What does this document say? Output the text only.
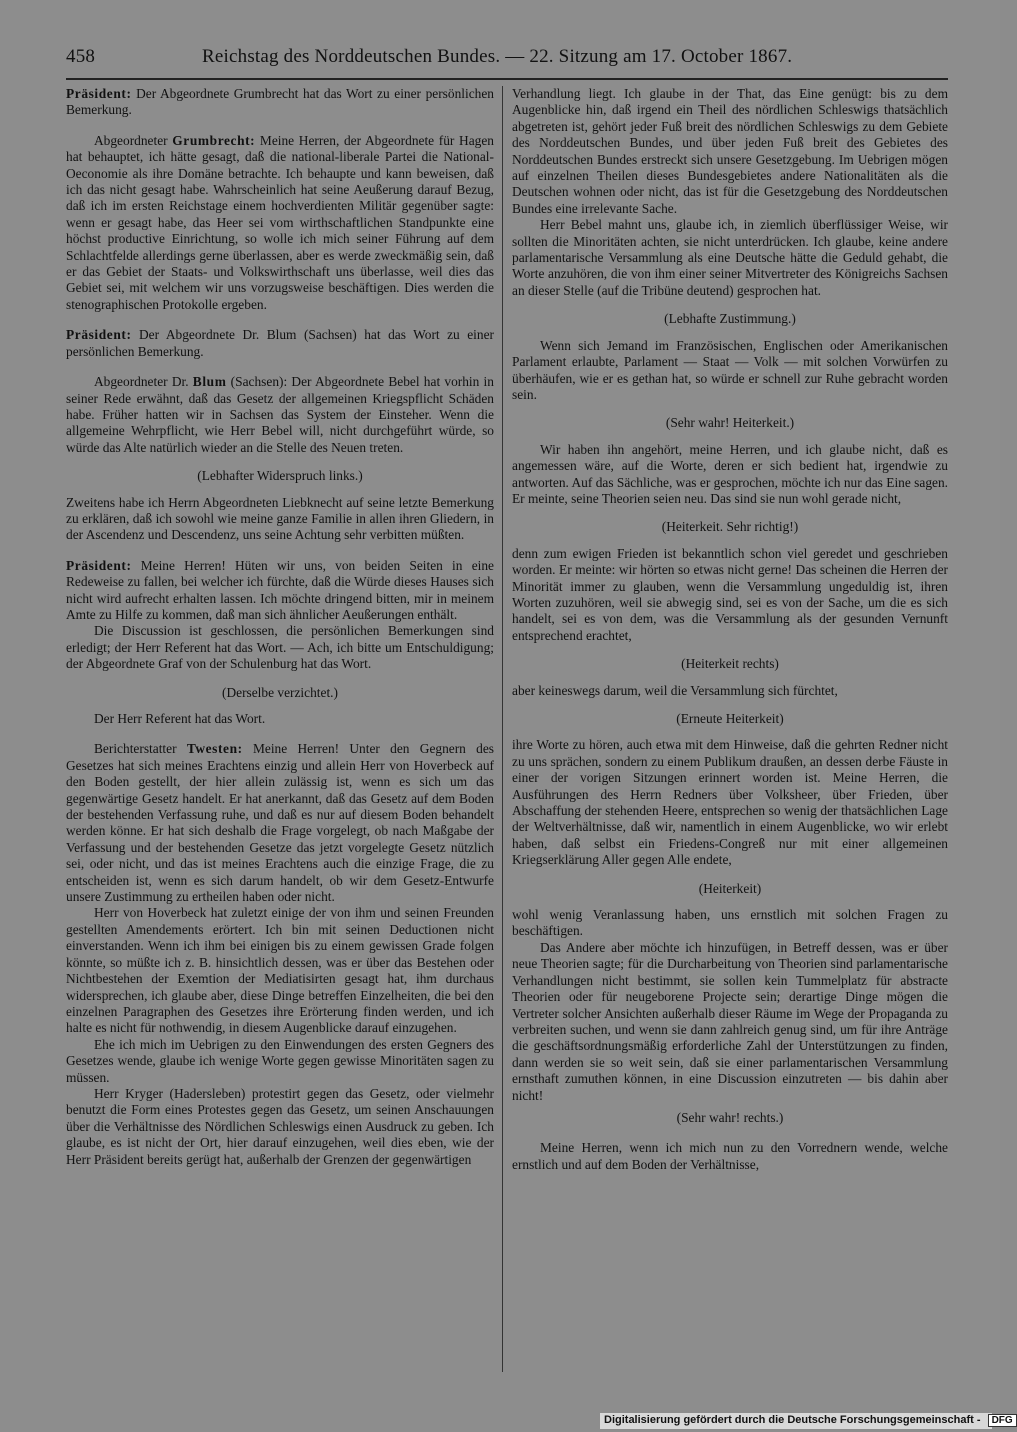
458	Reichstag des Norddeutschen Bundes. — 22. Sitzung am 17. October 1867.

Präsident: Der Abgeordnete Grumbrecht hat das Wort zu einer persönlichen Bemerkung.

Abgeordneter Grumbrecht: Meine Herren, der Abgeordnete für Hagen hat behauptet, ich hätte gesagt, daß die national-liberale Partei die National-Oeconomie als ihre Domäne betrachte. Ich behaupte und kann beweisen, daß ich das nicht gesagt habe. Wahrscheinlich hat seine Aeußerung darauf Bezug, daß ich im ersten Reichstage einem hochverdienten Militär gegenüber sagte: wenn er gesagt habe, das Heer sei vom wirthschaftlichen Standpunkte eine höchst productive Einrichtung, so wolle ich mich seiner Führung auf dem Schlachtfelde allerdings gerne überlassen, aber es werde zweckmäßig sein, daß er das Gebiet der Staats- und Volkswirthschaft uns überlasse, weil dies das Gebiet sei, mit welchem wir uns vorzugsweise beschäftigen. Dies werden die stenographischen Protokolle ergeben.

Präsident: Der Abgeordnete Dr. Blum (Sachsen) hat das Wort zu einer persönlichen Bemerkung.

Abgeordneter Dr. Blum (Sachsen): Der Abgeordnete Bebel hat vorhin in seiner Rede erwähnt, daß das Gesetz der allgemeinen Kriegspflicht Schäden habe. Früher hatten wir in Sachsen das System der Einsteher. Wenn die allgemeine Wehrpflicht, wie Herr Bebel will, nicht durchgeführt würde, so würde das Alte natürlich wieder an die Stelle des Neuen treten.

(Lebhafter Widerspruch links.)

Zweitens habe ich Herrn Abgeordneten Liebknecht auf seine letzte Bemerkung zu erklären, daß ich sowohl wie meine ganze Familie in allen ihren Gliedern, in der Ascendenz und Descendenz, uns seine Achtung sehr verbitten müßten.

Präsident: Meine Herren! Hüten wir uns, von beiden Seiten in eine Redeweise zu fallen, bei welcher ich fürchte, daß die Würde dieses Hauses sich nicht wird aufrecht erhalten lassen. Ich möchte dringend bitten, mir in meinem Amte zu Hilfe zu kommen, daß man sich ähnlicher Aeußerungen enthält.

Die Discussion ist geschlossen, die persönlichen Bemerkungen sind erledigt; der Herr Referent hat das Wort. — Ach, ich bitte um Entschuldigung; der Abgeordnete Graf von der Schulenburg hat das Wort.

(Derselbe verzichtet.)

Der Herr Referent hat das Wort.

Berichterstatter Twesten: Meine Herren! Unter den Gegnern des Gesetzes hat sich meines Erachtens einzig und allein Herr von Hoverbeck auf den Boden gestellt, der hier allein zulässig ist, wenn es sich um das gegenwärtige Gesetz handelt. Er hat anerkannt, daß das Gesetz auf dem Boden der bestehenden Verfassung ruhe, und daß es nur auf diesem Boden behandelt werden könne. Er hat sich deshalb die Frage vorgelegt, ob nach Maßgabe der Verfassung und der bestehenden Gesetze das jetzt vorgelegte Gesetz nützlich sei, oder nicht, und das ist meines Erachtens auch die einzige Frage, die zu entscheiden ist, wenn es sich darum handelt, ob wir dem Gesetz-Entwurfe unsere Zustimmung zu ertheilen haben oder nicht.

Herr von Hoverbeck hat zuletzt einige der von ihm und seinen Freunden gestellten Amendements erörtert. Ich bin mit seinen Deductionen nicht einverstanden. Wenn ich ihm bei einigen bis zu einem gewissen Grade folgen könnte, so müßte ich z. B. hinsichtlich dessen, was er über das Bestehen oder Nichtbestehen der Exemtion der Mediatisirten gesagt hat, ihm durchaus widersprechen, ich glaube aber, diese Dinge betreffen Einzelheiten, die bei den einzelnen Paragraphen des Gesetzes ihre Erörterung finden werden, und ich halte es nicht für nothwendig, in diesem Augenblicke darauf einzugehen.

Ehe ich mich im Uebrigen zu den Einwendungen des ersten Gegners des Gesetzes wende, glaube ich wenige Worte gegen gewisse Minoritäten sagen zu müssen.

Herr Kryger (Hadersleben) protestirt gegen das Gesetz, oder vielmehr benutzt die Form eines Protestes gegen das Gesetz, um seinen Anschauungen über die Verhältnisse des Nördlichen Schleswigs einen Ausdruck zu geben. Ich glaube, es ist nicht der Ort, hier darauf einzugehen, weil dies eben, wie der Herr Präsident bereits gerügt hat, außerhalb der Grenzen der gegenwärtigen

Verhandlung liegt. Ich glaube in der That, das Eine genügt: bis zu dem Augenblicke hin, daß irgend ein Theil des nördlichen Schleswigs thatsächlich abgetreten ist, gehört jeder Fuß breit des nördlichen Schleswigs zu dem Gebiete des Norddeutschen Bundes, und über jeden Fuß breit des Gebietes des Norddeutschen Bundes erstreckt sich unsere Gesetzgebung. Im Uebrigen mögen auf einzelnen Theilen dieses Bundesgebietes andere Nationalitäten als die Deutschen wohnen oder nicht, das ist für die Gesetzgebung des Norddeutschen Bundes eine irrelevante Sache.

Herr Bebel mahnt uns, glaube ich, in ziemlich überflüssiger Weise, wir sollten die Minoritäten achten, sie nicht unterdrücken. Ich glaube, keine andere parlamentarische Versammlung als eine Deutsche hätte die Geduld gehabt, die Worte anzuhören, die von ihm einer seiner Mitvertreter des Königreichs Sachsen an dieser Stelle (auf die Tribüne deutend) gesprochen hat.

(Lebhafte Zustimmung.)

Wenn sich Jemand im Französischen, Englischen oder Amerikanischen Parlament erlaubte, Parlament — Staat — Volk — mit solchen Vorwürfen zu überhäufen, wie er es gethan hat, so würde er schnell zur Ruhe gebracht worden sein.

(Sehr wahr! Heiterkeit.)

Wir haben ihn angehört, meine Herren, und ich glaube nicht, daß es angemessen wäre, auf die Worte, deren er sich bedient hat, irgendwie zu antworten. Auf das Sächliche, was er gesprochen, möchte ich nur das Eine sagen. Er meinte, seine Theorien seien neu. Das sind sie nun wohl gerade nicht,

(Heiterkeit. Sehr richtig!)

denn zum ewigen Frieden ist bekanntlich schon viel geredet und geschrieben worden. Er meinte: wir hörten so etwas nicht gerne! Das scheinen die Herren der Minorität immer zu glauben, wenn die Versammlung ungeduldig ist, ihren Worten zuzuhören, weil sie abwegig sind, sei es von der Sache, um die es sich handelt, sei es von dem, was die Versammlung als der gesunden Vernunft entsprechend erachtet,

(Heiterkeit rechts)

aber keineswegs darum, weil die Versammlung sich fürchtet,

(Erneute Heiterkeit)

ihre Worte zu hören, auch etwa mit dem Hinweise, daß die gehrten Redner nicht zu uns sprächen, sondern zu einem Publikum draußen, an dessen derbe Fäuste in einer der vorigen Sitzungen erinnert worden ist. Meine Herren, die Ausführungen des Herrn Redners über Volksheer, über Frieden, über Abschaffung der stehenden Heere, entsprechen so wenig der thatsächlichen Lage der Weltverhältnisse, daß wir, namentlich in einem Augenblicke, wo wir erlebt haben, daß selbst ein Friedens-Congreß nur mit einer allgemeinen Kriegserklärung Aller gegen Alle endete,

(Heiterkeit)

wohl wenig Veranlassung haben, uns ernstlich mit solchen Fragen zu beschäftigen.

Das Andere aber möchte ich hinzufügen, in Betreff dessen, was er über neue Theorien sagte; für die Durcharbeitung von Theorien sind parlamentarische Verhandlungen nicht bestimmt, sie sollen kein Tummelplatz für abstracte Theorien oder für neugeborene Projecte sein; derartige Dinge mögen die Vertreter solcher Ansichten außerhalb dieser Räume im Wege der Propaganda zu verbreiten suchen, und wenn sie dann zahlreich genug sind, um für ihre Anträge die geschäftsordnungsmäßig erforderliche Zahl der Unterstützungen zu finden, dann werden sie so weit sein, daß sie einer parlamentarischen Versammlung ernsthaft zumuthen können, in eine Discussion einzutreten — bis dahin aber nicht!

(Sehr wahr! rechts.)

Meine Herren, wenn ich mich nun zu den Vorrednern wende, welche ernstlich und auf dem Boden der Verhältnisse,

Digitalisierung gefördert durch die Deutsche Forschungsgemeinschaft - DFG
